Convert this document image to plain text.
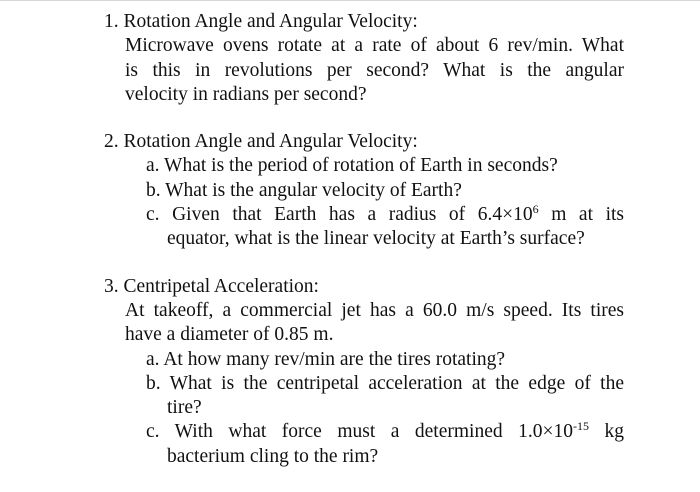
1. Rotation Angle and Angular Velocity:
Microwave ovens rotate at a rate of about 6 rev/min. What
is this in revolutions per second? What is the angular
velocity in radians per second?
2. Rotation Angle and Angular Velocity:
a. What is the period of rotation of Earth in seconds?
b. What is the angular velocity of Earth?
c. Given that Earth has a radius of $6.4\times 10^6$ m at its
equator, what is the linear velocity at Earth’s surface?
3. Centripetal Acceleration:
At takeoff, a commercial jet has a 60.0 m/s speed. Its tires
have a diameter of 0.85 m.
a. At how many rev/min are the tires rotating?
b. What is the centripetal acceleration at the edge of the
tire?
c. With what force must a determined $1.0\times 10^{-15}$ kg
bacterium cling to the rim?
